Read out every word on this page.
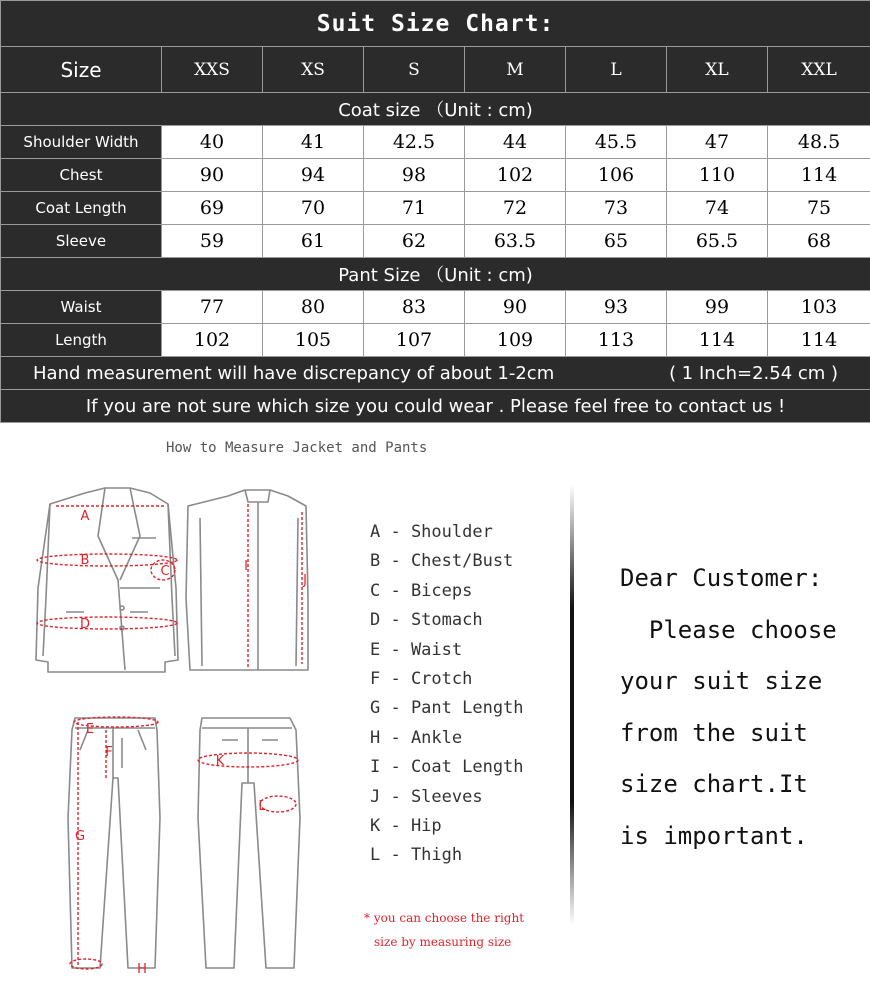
Suit Size Chart:							
Size	XXS	XS	S	M	L	XL	XXL
Coat size （Unit : cm)							
Shoulder Width	40	41	42.5	44	45.5	47	48.5
Chest	90	94	98	102	106	110	114
Coat Length	69	70	71	72	73	74	75
Sleeve	59	61	62	63.5	65	65.5	68
Pant Size （Unit : cm)							
Waist	77	80	83	90	93	99	103
Length	102	105	107	109	113	114	114

Hand measurement will have discrepancy of about 1-2cm ( 1 Inch=2.54 cm )							

If you are not sure which size you could wear . Please feel free to contact us !							
How to Measure Jacket and Pants
A
B
C
D
E
F
G
H
I
J
K
L
A - Shoulder
B - Chest/Bust
C - Biceps
D - Stomach
E - Waist
F - Crotch
G - Pant Length
H - Ankle
I - Coat Length
J - Sleeves
K - Hip
L - Thigh
* you can choose the right
size by measuring size
Dear Customer:
Please choose
your suit size
from the suit
size chart.It
is important.
